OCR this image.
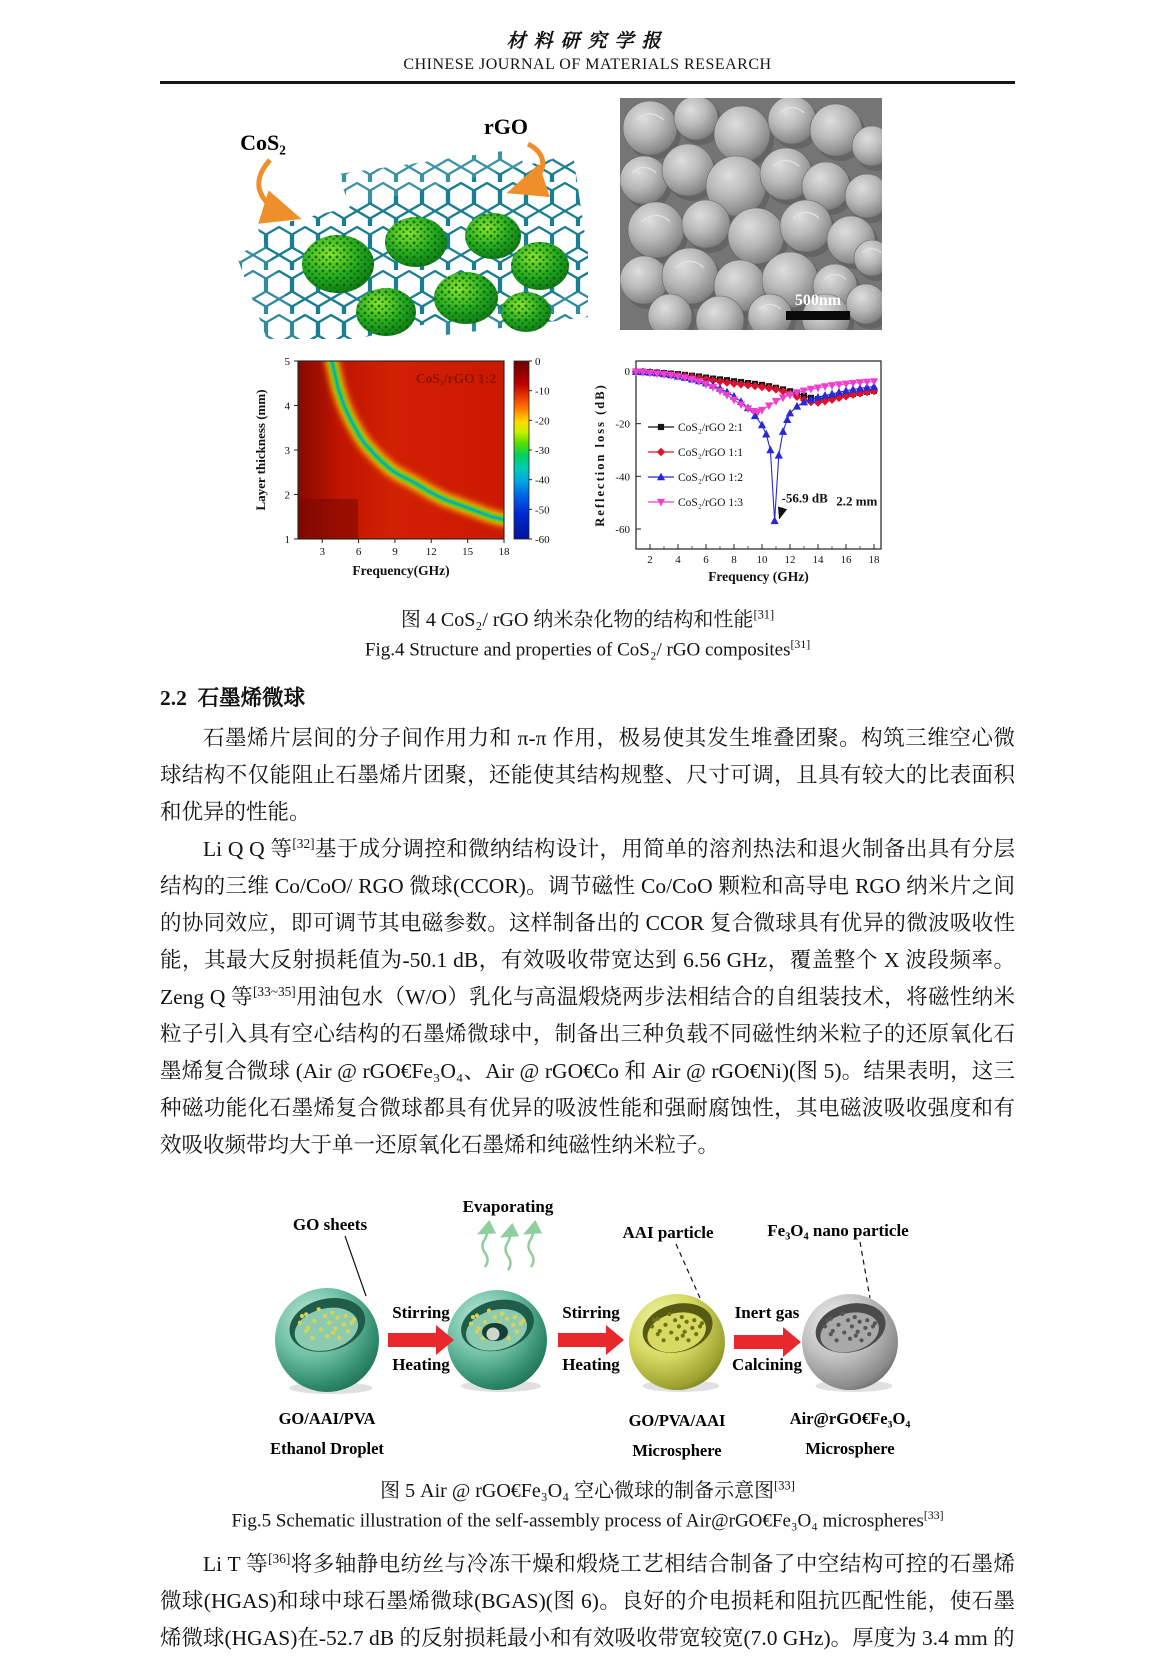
材料研究学报
CHINESE JOURNAL OF MATERIALS RESEARCH
CoS₂
rGO
500nm
CoS₂/rGO 1:2
3	6	9	12 15 18
1
2
3
4
5
Frequency(GHz)
Layer thickness (mm)
0
-10
-20
-30
-40
-50
-60
2 4 6 8 10 12 14 16 18
0
-20
-40
-60
Frequency (GHz)
Reflection loss (dB)	CoS₂/rGO 2:1
CoS₂/rGO 1:1
CoS₂/rGO 1:2
CoS₂/rGO 1:3	-56.9 dB 2.2 mm
图 4 CoS₂/ rGO 纳米杂化物的结构和性能[31]
Fig.4 Structure and properties of CoS₂/ rGO composites[31]
2.2 石墨烯微球

石墨烯片层间的分子间作用力和 π-π 作用，极易使其发生堆叠团聚。构筑三维空心微球结构不仅能阻止石墨烯片团聚，还能使其结构规整、尺寸可调，且具有较大的比表面积和优异的性能。

Li Q Q 等[32]基于成分调控和微纳结构设计，用简单的溶剂热法和退火制备出具有分层结构的三维 Co/CoO/ RGO 微球(CCOR)。调节磁性 Co/CoO 颗粒和高导电 RGO 纳米片之间的协同效应，即可调节其电磁参数。这样制备出的 CCOR 复合微球具有优异的微波吸收性能，其最大反射损耗值为-50.1 dB，有效吸收带宽达到 6.56 GHz，覆盖整个 X 波段频率。Zeng Q 等[33~35]用油包水（W/O）乳化与高温煅烧两步法相结合的自组装技术，将磁性纳米粒子引入具有空心结构的石墨烯微球中，制备出三种负载不同磁性纳米粒子的还原氧化石墨烯复合微球 (Air @ rGO€Fe₃O₄、Air @ rGO€Co 和 Air @ rGO€Ni)(图 5)。结果表明，这三种磁功能化石墨烯复合微球都具有优异的吸波性能和强耐腐蚀性，其电磁波吸收强度和有效吸收频带均大于单一还原氧化石墨烯和纯磁性纳米粒子。

GO sheets
Evaporating
AAI particle	Fe₃O₄ nano particle
Stirring
Heating
Stirring
Heating
Inert gas
Calcining
GO/AAI/PVA
Ethanol Droplet
GO/PVA/AAI
Microsphere
Air@rGO€Fe₃O₄
Microsphere
图 5 Air @ rGO€Fe₃O₄ 空心微球的制备示意图[33]
Fig.5 Schematic illustration of the self-assembly process of Air@rGO€Fe₃O₄ microspheres[33]

Li T 等[36]将多轴静电纺丝与冷冻干燥和煅烧工艺相结合制备了中空结构可控的石墨烯微球(HGAS)和球中球石墨烯微球(BGAS)(图 6)。良好的介电损耗和阻抗匹配性能，使石墨烯微球(HGAS)在-52.7 dB 的反射损耗最小和有效吸收带宽较宽(7.0 GHz)。厚度为 3.4 mm 的
